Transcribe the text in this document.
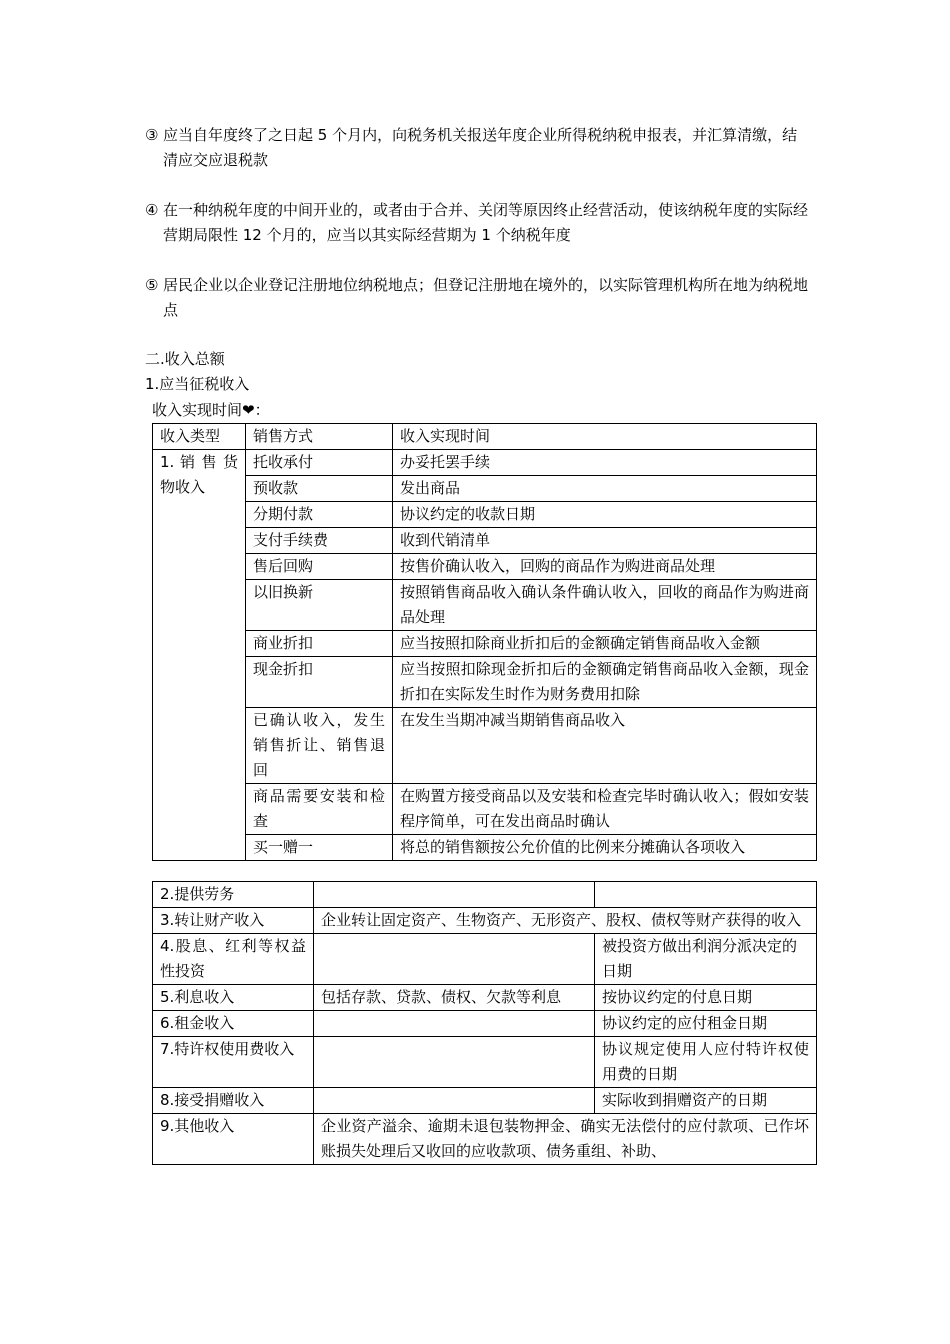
③ 应当自年度终了之日起 5 个月内，向税务机关报送年度企业所得税纳税申报表，并汇算清缴，结清应交应退税款
④ 在一种纳税年度的中间开业的，或者由于合并、关闭等原因终止经营活动，使该纳税年度的实际经营期局限性 12 个月的，应当以其实际经营期为 1 个纳税年度
⑤ 居民企业以企业登记注册地位纳税地点；但登记注册地在境外的，以实际管理机构所在地为纳税地点
二.收入总额
1.应当征税收入
收入实现时间❤：
收入类型	销售方式	收入实现时间
1. 销 售 货 物收入	托收承付	办妥托罢手续
	预收款	发出商品
	分期付款	协议约定的收款日期
	支付手续费	收到代销清单
	售后回购	按售价确认收入，回购的商品作为购进商品处理
	以旧换新	按照销售商品收入确认条件确认收入，回收的商品作为购进商品处理
	商业折扣	应当按照扣除商业折扣后的金额确定销售商品收入金额
	现金折扣	应当按照扣除现金折扣后的金额确定销售商品收入金额，现金折扣在实际发生时作为财务费用扣除
	已确认收入，发生销售折让、销售退回	在发生当期冲减当期销售商品收入
	商品需要安装和检查	在购置方接受商品以及安装和检查完毕时确认收入；假如安装程序简单，可在发出商品时确认
	买一赠一	将总的销售额按公允价值的比例来分摊确认各项收入
2.提供劳务		
3.转让财产收入	企业转让固定资产、生物资产、无形资产、股权、债权等财产获得的收入	
4.股息、红利等权益性投资		被投资方做出利润分派决定的日期
5.利息收入	包括存款、贷款、债权、欠款等利息	按协议约定的付息日期
6.租金收入		协议约定的应付租金日期
7.特许权使用费收入		协议规定使用人应付特许权使用费的日期
8.接受捐赠收入		实际收到捐赠资产的日期
9.其他收入	企业资产溢余、逾期未退包装物押金、确实无法偿付的应付款项、已作坏账损失处理后又收回的应收款项、债务重组、补助、	
